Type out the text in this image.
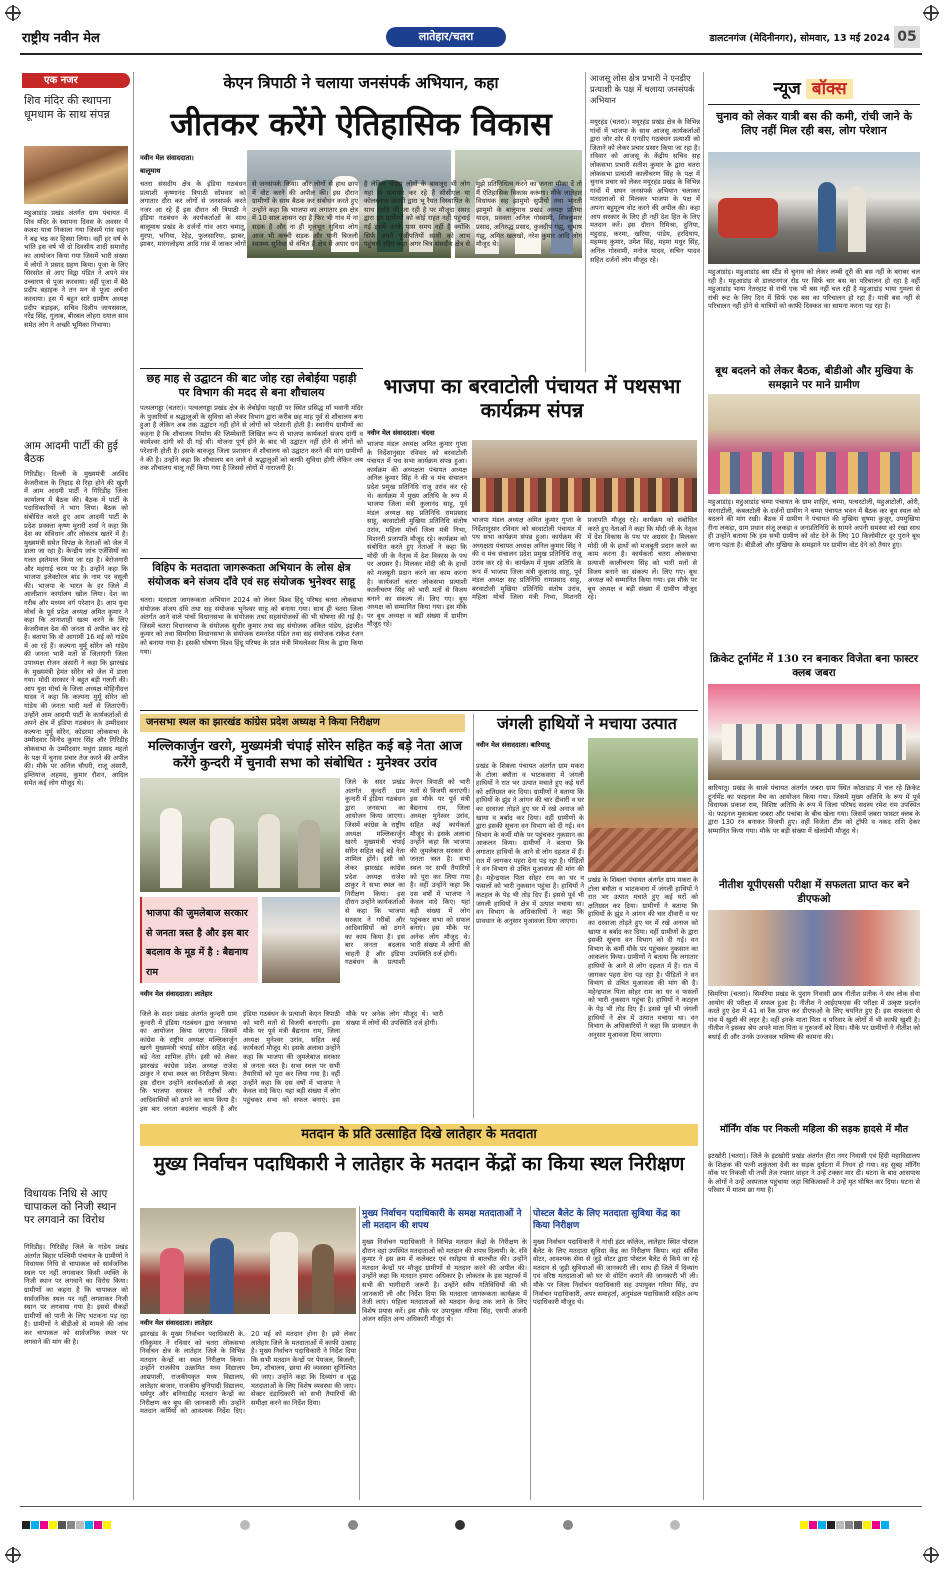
राष्ट्रीय नवीन मेल	लातेहार/चतरा	डालटनगंज (मेदिनीनगर), सोमवार, 13 मई 2024 05
एक नजर
शिव मंदिर की स्थापना धूमधाम के साथ संपन्न
महुआडांड़ प्रखंड अंतर्गत ग्राम पंचायत में शिव मंदिर के स्थापना दिवस के अवसर में कलश यात्रा निकाला गया जिसमें गांव सहन ने बढ़ चढ़ कर हिस्सा लिया। वहीं हर वर्ष के भांति इस वर्ष भी दो दिवसीय शादी समारोह का आयोजन किया गया जिसमें भारी संख्या में लोगों ने प्रसाद ग्रहण किया। पूजा के लिए सिरसोत से आए विद्वा पंडित ने अपने मंत्र उच्चारण से पूजा करवाया। वहीं पूजा में बैठे प्रदीप बड़ाइक ने तन मन से पूजा अर्चना करवाया। इस में बहुत सारे ग्रामीण अध्यक्ष प्रदीप बड़ाइक, सचिव दिलीप जायसवाल, नरेंद्र सिंह, गुलाब, बीरबल लोहरा दयाल साव समेत लोग ने अच्छी भूमिका निभाया।
आम आदमी पार्टी की हुई बैठक
गिरिडीह। दिल्ली के मुख्यमंत्री अरविंद केजरीवाल के तिहाड़ से रिहा होने की खुशी में आम आदमी पार्टी ने गिरिडीह जिला कार्यालय में बैठक की। बैठक में पार्टी के पदाधिकारियों ने भाग लिया। बैठक को संबोधित करते हुए आम आदमी पार्टी के प्रदेश प्रवक्ता कृष्ण मुरारी शर्मा ने कहा कि देश का संविधान और लोकतंत्र खतरे में है। मुख्यमंत्री समेत विपक्ष के नेताओं को जेल में डाला जा रहा है। केन्द्रीय जांच एजेंसियों का गलत इस्तेमाल किया जा रहा है। बेरोजगारी और महंगाई चरम पर है। उन्होंने कहा कि भाजपा इलेक्टोरल बांड के नाम पर वसूली की। भाजपा के भारत के हर जिले में आलीशान कार्यालय खोल लिया। देश का गरीब और मध्यम वर्ग परेशान है। आप युवा मोर्चा के पूर्व प्रदेश अध्यक्ष अमित कुमार ने कहा कि तानाशाही खत्म करने के लिए केजरीवाल देश की जनता से अपील कर रहे हैं। बताया कि वो आगामी 16 मई को गांडेय में आ रहे हैं। कल्पना मुर्मू सोरेन को गांडेय की जनता भारी मतों से जिताएंगी जिला उपाध्यक्ष रोजन अंसारी ने कहा कि झारखंड के मुख्यमंत्री हेमंत सोरेन को जेल में डाला गया। मोदी सरकार ने बहुत बड़ी गलती की। आप युवा मोर्चा के जिला अध्यक्ष मोहिनीदत्त यादव ने कहा कि कल्पना मुर्मू सोरेन को गांडेय की जनता भारी मतों से जिताएंगी। उन्होंने आम आदमी पार्टी के कार्यकर्ताओं से अपने क्षेत्र में इंडिया गठबंधन के उम्मीदवार कल्पना मुर्मू सोरेन, कोडरमा लोकसभा के उम्मीदवार विनोद कुमार सिंह और गिरिडीह लोकसभा के उम्मीदवार मथुरा प्रसाद महतो के पक्ष में चुनाव प्रचार तेज करने की अपील की। मौके पर अनिल चौधरी, राजू अंसारी, इम्तियाज अहमद, कुमार रौशन, आदिल समेत कई लोग मौजूद थे।
विधायक निधि से आए चापाकल को निजी स्थान पर लगवाने का विरोध
गिरिडीह। गिरिडीह जिले के गांडेय प्रखंड अंतर्गत बिहार पश्चिमी पंचायत के ग्रामीणों ने विधायक निधि से चापाकल को सार्वजनिक स्थल पर नहीं लगवाकर किसी व्यक्ति के निजी स्थान पर लगवाने का विरोध किया। ग्रामीणों का कहना है कि चापाकल को सार्वजनिक स्थल पर नहीं लगवाकर निजी स्थान पर लगवाया गया है। इससे सैकड़ों ग्रामीणों को पानी के लिए भटकना पड़ रहा है। ग्रामीणों ने बीडीओ से मामले की जांच कर चापाकल को सार्वजनिक स्थल पर लगवाने की मांग की है।
केएन त्रिपाठी ने चलाया जनसंपर्क अभियान, कहा
जीतकर करेंगे ऐतिहासिक विकास
नवीन मेल संवाददाता।
बालूमाथ
चतरा संसदीय क्षेत्र के इंडिया गठबंधन प्रत्याशी कृष्णानंद त्रिपाठी सोमवार को लगातार दौरा कर लोगों से जनसंपर्क करते नजर आ रहे हैं इस दौरान श्री त्रिपाठी ने इंडिया गठबंधन के कार्यकर्ताओं के साथ बालूमाथ प्रखंड के दर्जनों गांव आरा चमातू, मुरपा, भगिया, रेहेड़, फुलसारिया, झाबर, झाबर, मारंगलोइया आदि गांव में जाकर लोगों से जनसंपर्क किया। और लोगों से हाथ छाप में वोट करने की अपील की। इस दौरान ग्रामीणों के साथ बैठक कर संबोधन करते हुए उन्होंने कहा कि भाजपा का लगातार इस क्षेत्र में 10 साल शासन रहा है फिर भी गांव में ना सड़क है और ना ही मूलभूत सुविधा लोग आज भी कच्ची सड़क और पानी बिजली स्वास्थ्य सुविधा से वंचित हैं क्षेत्र में अपार धन है लेकिन संपदा लोगों के बावजूद भी लोग यहां से पलायन कर रहे हैं सीसीएल या कोलब्लाक कंपनी द्वारा भू रैयत विस्थापित के साथ जाति की जा रही है पर मौजूदा संसद द्वारा इन ग्रामीणों को कोई राहत नहीं पहुंचाई गई इसमें उनके पास समय नहीं है क्योंकि सिर्फ अपने पूंजीपतियों साथी को लाभ पहुंचाने रहिए कहा अगर चित्र संसदीय क्षेत्र से मुझे प्रतिनिधित्व करने का जनता मौका दें तो मैं ऐतिहासिक विकास करूंगा। मौके लातेहार विधायक सह झामुमो सुप्रीयो तथा भारती झामुमो के बालूमाथ प्रखंड अध्यक्ष प्रतिमा यादव, प्रवक्ता अनिल गोस्वामी, शिवकुमार प्रसाद, अनिरुद्ध प्रसाद, कुलदीप गंझू, सुभाष गंझू, अमित खलखो, नरेश कुमार आदि लोग मौजूद थे।
आजसू लोस क्षेत्र प्रभारी ने एनडीए प्रत्याशी के पक्ष में चलाया जनसंपर्क अभियान
मयूरहंड (चतरा)। मयूरहंड प्रखंड क्षेत्र के विभिन्न गांवों में भाजपा के साथ आजसू कार्यकर्ताओं द्वारा जोर शोर से एनडीए गठबंधन प्रत्याशी को जिताने को लेकर प्रचार प्रसार किया जा रहा है। रविवार को आजसू के केंद्रीय सचिव सह लोकसभा प्रभारी सतीश कुमार के द्वारा चतरा लोकसभा प्रत्याशी कालीचरण सिंह के पक्ष में चुनाव प्रचार को लेकर मयूरहंड प्रखंड के विभिन्न गांवों में सघन जनसंपर्क अभियान चलाकर मतदाताओं से मिलकर भाजपा के पक्ष में अपना बहुमूल्य वोट करने की अपील की। कहा आप सरकार के लिए ही नहीं देश हित के लिए मतदान करें। इस दौरान रिमिश्रा, दुनिया, महुदाड़, करमा, खरिया, पांडेय, हरदियाप, महम्मद कुमार, उमेश सिंह, महमा मधुर सिंह, अनिल गोस्वामी, मनोज यादव, सचिन यादव सहित दर्जनों लोग मौजूद रहे।
छह माह से उद्घाटन की बाट जोह रहा लेबोईया पहाड़ी पर विभाग की मदद से बना शौचालय
पत्थलगड्डा (चतरा)। पत्थलगड्डा प्रखंड क्षेत्र के लेबोईया पहाड़ी पर स्थित प्रसिद्ध माँ भवानी मंदिर के पुजारियों व श्रद्धालुओं के सुविधा को लेकर विभाग द्वारा करीब छह माह पूर्व से शौचालय बना हुआ है लेकिन अब तक उद्घाटन नहीं होने से लोगों को परेशानी होती है। स्थानीय ग्रामीणों का कहना है कि शौचालय निर्माण की जिम्मेवारी लिखित रूप से भाजपा कार्यकर्ता संजय दांगी व कामेश्वर दांगी को दी गई थी। योजना पूर्ण होने के बाद भी उद्घाटन नहीं होने से लोगों को परेशानी होती है। इसके बावजूद जिला प्रशासन से शौचालय को उद्घाटन करने की मांग ग्रामीणों ने की है। उन्होंने कहा कि शौचालय बन जाने से श्रद्धालुओं को काफी सुविधा होगी लेकिन अब तक शौचालय चालू नहीं किया गया है जिससे लोगों में नाराजगी है।
विहिप के मतदाता जागरूकता अभियान के लोस क्षेत्र संयोजक बने संजय दाँवे एवं सह संयोजक भुनेश्वर साहू
चतरा। मतदाता जागरूकता अभियान 2024 को लेकर विश्व हिंदू परिषद चतरा लोकसभा संयोजक संजय दाँवे तथा सह संयोजक भुनेश्वर साहू को बनाया गया। साथ ही चतरा जिला अंतर्गत आने वाले पांचों विधानसभा के संयोजक तथा सहसंयोजकों की भी घोषणा की गई है। जिसमें चतरा विधानसभा के संयोजक सुधीर कुमार तथा सह संयोजक अंकित पांडेय, इंद्रजीत कुमार को तथा सिमरिया विधानसभा के संयोजक रामनरेश पंडित तथा सह संयोजक राकेश रंजन को बनाया गया है। इसकी घोषणा विश्व हिंदू परिषद के प्रांत मंत्री मिथलेश्वर मिश्र के द्वारा किया गया।
भाजपा का बरवाटोली पंचायत में पथसभा कार्यक्रम संपन्न
नवीन मेल संवाददाता। चंदवा
भाजपा मंडल अध्यक्ष अमित कुमार गुप्ता के निर्देशानुसार रविवार को बरवाटोली पंचायत में पथ सभा कार्यक्रम संपन्न हुआ। कार्यक्रम की अध्यक्षता पंचायत अध्यक्ष अनिल कुमार सिंह ने की व मंच संचालन प्रदेश प्रमुख प्रतिनिधि राजू उरांव कर रहे थे। कार्यक्रम में मुख्य अतिथि के रूप में भाजपा जिला मंत्री कुलानंद साहू, पूर्व मंडल अध्यक्ष सह प्रतिनिधि रामप्रसाद साहू, बरवाटोली मुखिया प्रतिनिधि संतोष उरांव, महिला मोर्चा जिला मंत्री निभा, मिशनरी प्रजापति मौजूद रहे। कार्यक्रम को संबोधित करते हुए नेताओं ने कहा कि मोदी जी के नेतृत्व में देश विकास के पथ पर अग्रसर है। मिलकर मोदी जी के हाथों को मजबूती प्रदान करने का काम करना है। कार्यकर्ता चतरा लोकसभा प्रत्याशी कालीचरण सिंह को भारी मतों से विजय बनाने का संकल्प लें। लिए गए। बूथ अध्यक्ष को सम्मानित किया गया। इस मौके पर बूथ अध्यक्ष व बड़ी संख्या में ग्रामीण मौजूद रहे।
भाजपा मंडल अध्यक्ष अमित कुमार गुप्ता के निर्देशानुसार रविवार को बरवाटोली पंचायत में पथ सभा कार्यक्रम संपन्न हुआ। कार्यक्रम की अध्यक्षता पंचायत अध्यक्ष अनिल कुमार सिंह ने की व मंच संचालन प्रदेश प्रमुख प्रतिनिधि राजू उरांव कर रहे थे। कार्यक्रम में मुख्य अतिथि के रूप में भाजपा जिला मंत्री कुलानंद साहू, पूर्व मंडल अध्यक्ष सह प्रतिनिधि रामप्रसाद साहू, बरवाटोली मुखिया प्रतिनिधि संतोष उरांव, महिला मोर्चा जिला मंत्री निभा, मिशनरी प्रजापति मौजूद रहे। कार्यक्रम को संबोधित करते हुए नेताओं ने कहा कि मोदी जी के नेतृत्व में देश विकास के पथ पर अग्रसर है। मिलकर मोदी जी के हाथों को मजबूती प्रदान करने का काम करना है। कार्यकर्ता चतरा लोकसभा प्रत्याशी कालीचरण सिंह को भारी मतों से विजय बनाने का संकल्प लें। लिए गए। बूथ अध्यक्ष को सम्मानित किया गया। इस मौके पर बूथ अध्यक्ष व बड़ी संख्या में ग्रामीण मौजूद रहे।
जनसभा स्थल का झारखंड कांग्रेस प्रदेश अध्यक्ष ने किया निरीक्षण
मल्लिकार्जुन खरगे, मुख्यमंत्री चंपाई सोरेन सहित कई बड़े नेता आज करेंगे कुन्दरी में चुनावी सभा को संबोधित : मुनेश्वर उरांव
भाजपा की जुमलेबाज सरकार से जनता त्रस्त है और इस बार बदलाव के मूड में है : बैद्यनाथ राम
नवीन मेल संवाददाता। लातेहार
जिले के सदर प्रखंड अंतर्गत कुन्दरी ग्राम कुन्दरी में इंडिया गठबंधन द्वारा जनसभा का आयोजन किया जाएगा। जिसमें कांग्रेस के राष्ट्रीय अध्यक्ष मल्लिकार्जुन खरगे मुख्यमंत्री चंपाई सोरेन सहित कई बड़े नेता शामिल होंगे। इसी को लेकर झारखंड कांग्रेस प्रदेश अध्यक्ष राजेश ठाकुर ने सभा स्थल का निरीक्षण किया। इस दौरान उन्होंने कार्यकर्ताओं से कहा कि भाजपा सरकार ने गरीबों और आदिवासियों को ठगने का काम किया है। इस बार जनता बदलाव चाहती है और इंडिया गठबंधन के प्रत्याशी केएन त्रिपाठी को भारी मतों से विजयी बनाएगी। इस मौके पर पूर्व मंत्री बैद्यनाथ राम, जिला अध्यक्ष मुनेश्वर उरांव, सहित कई कार्यकर्ता मौजूद थे। इसके अलावा उन्होंने कहा कि भाजपा की जुमलेबाज सरकार से जनता त्रस्त है। सभा स्थल पर सभी तैयारियों को पूरा कर लिया गया है। वहीं उन्होंने कहा कि दस वर्षों में भाजपा ने केवल वादे किए। यहां बड़ी संख्या में लोग पहुंचकर सभा को सफल बनाएं। इस मौके पर अनेक लोग मौजूद थे। भारी संख्या में लोगों की उपस्थिति दर्ज होगी।
जिले के सदर प्रखंड अंतर्गत कुन्दरी ग्राम कुन्दरी में इंडिया गठबंधन द्वारा जनसभा का आयोजन किया जाएगा। जिसमें कांग्रेस के राष्ट्रीय अध्यक्ष मल्लिकार्जुन खरगे मुख्यमंत्री चंपाई सोरेन सहित कई बड़े नेता शामिल होंगे। इसी को लेकर झारखंड कांग्रेस प्रदेश अध्यक्ष राजेश ठाकुर ने सभा स्थल का निरीक्षण किया। इस दौरान उन्होंने कार्यकर्ताओं से कहा कि भाजपा सरकार ने गरीबों और आदिवासियों को ठगने का काम किया है। इस बार जनता बदलाव चाहती है और इंडिया गठबंधन के प्रत्याशी केएन त्रिपाठी को भारी मतों से विजयी बनाएगी। इस मौके पर पूर्व मंत्री बैद्यनाथ राम, जिला अध्यक्ष मुनेश्वर उरांव, सहित कई कार्यकर्ता मौजूद थे। इसके अलावा उन्होंने कहा कि भाजपा की जुमलेबाज सरकार से जनता त्रस्त है। सभा स्थल पर सभी तैयारियों को पूरा कर लिया गया है। वहीं उन्होंने कहा कि दस वर्षों में भाजपा ने केवल वादे किए। यहां बड़ी संख्या में लोग पहुंचकर सभा को सफल बनाएं। इस मौके पर अनेक लोग मौजूद थे। भारी संख्या में लोगों की उपस्थिति दर्ज होगी।
जंगली हाथियों ने मचाया उत्पात
नवीन मेल संवाददाता। बारियातू
प्रखंड के शिबला पंचायत अंतर्गत ग्राम मकरा के टोला बघौता व भाटकवारा में जंगली हाथियों ने रात भर उत्पात मचाते हुए कई घरों को क्षतिग्रस्त कर दिया। ग्रामीणों ने बताया कि हाथियों के झुंड ने आंगन की चार दीवारी व घर का दरवाजा तोड़ते हुए घर में रखे अनाज को खाया व बर्बाद कर दिया। वहीं ग्रामीणों के द्वारा इसकी सूचना वन विभाग को दी गई। वन विभाग के कर्मी मौके पर पहुंचकर नुकसान का आकलन किया। ग्रामीणों ने बताया कि लगातार हाथियों के आने से लोग दहशत में हैं। रात में जागकर पहरा देना पड़ रहा है। पीड़ितों ने वन विभाग से उचित मुआवजा की मांग की है। महेन्द्रपाल पिता सोहर राम का घर व फसलों को भारी नुकसान पहुंचा है। हाथियों ने कटहल के पेड़ भी तोड़ दिए हैं। इससे पूर्व भी जंगली हाथियों ने क्षेत्र में उत्पात मचाया था। वन विभाग के अधिकारियों ने कहा कि प्रावधान के अनुसार मुआवजा दिया जाएगा।
प्रखंड के शिबला पंचायत अंतर्गत ग्राम मकरा के टोला बघौता व भाटकवारा में जंगली हाथियों ने रात भर उत्पात मचाते हुए कई घरों को क्षतिग्रस्त कर दिया। ग्रामीणों ने बताया कि हाथियों के झुंड ने आंगन की चार दीवारी व घर का दरवाजा तोड़ते हुए घर में रखे अनाज को खाया व बर्बाद कर दिया। वहीं ग्रामीणों के द्वारा इसकी सूचना वन विभाग को दी गई। वन विभाग के कर्मी मौके पर पहुंचकर नुकसान का आकलन किया। ग्रामीणों ने बताया कि लगातार हाथियों के आने से लोग दहशत में हैं। रात में जागकर पहरा देना पड़ रहा है। पीड़ितों ने वन विभाग से उचित मुआवजा की मांग की है। महेन्द्रपाल पिता सोहर राम का घर व फसलों को भारी नुकसान पहुंचा है। हाथियों ने कटहल के पेड़ भी तोड़ दिए हैं। इससे पूर्व भी जंगली हाथियों ने क्षेत्र में उत्पात मचाया था। वन विभाग के अधिकारियों ने कहा कि प्रावधान के अनुसार मुआवजा दिया जाएगा।
न्यूज बॉक्स
चुनाव को लेकर यात्री बस की कमी, रांची जाने के लिए नहीं मिल रही बस, लोग परेशान
महुआडांड़। महुआडांड़ बस स्टैंड से चुनाव को लेकर लम्बी दूरी की बस नहीं के बराबर चल रही है। महुआडांड़ से डालटनगंज रोड पर सिर्फ चार बस का परिचालन हो रहा है वहीं महुआडांड़ भाया नेतरहाट से रांची एक भी बस नहीं चल रही है महुआडांड़ भाया गुमला से रांची रूट के लिए दिन में सिर्फ एक बस का परिचालन हो रहा है। यात्री बस नहीं से परिचालन नहीं होने से यात्रियों को काफी दिक्कत का सामना करना पड़ रहा है।
बूथ बदलने को लेकर बैठक, बीडीओ और मुखिया के समझाने पर माने ग्रामीण
महुआडांड़। महुआडांड़ चम्पा पंचायत के ग्राम शाहिर, चम्पा, पत्थरटोली, महुआटोली, ओरी, सरनाटोली, कंबलटोली के दर्जनों ग्रामीण ने चम्पा पंचायत भवन में बैठक कर बूथ स्थल को बदलने की मांग रखी। बैठक में ग्रामीण ने पंचायत की मुखिया सुषमा कुजूर, उपमुखिया रीना लकड़ा, ग्राम प्रधान संजू लकड़ा व जनप्रतिनिधि के सामने अपनी समस्या को रखा साथ ही उन्होंने बताया कि हम सभी ग्रामीण को वोट देने के लिए 10 किलोमीटर दूर पुराने बूथ जाना पड़ता है। बीडीओ और मुखिया के समझाने पर ग्रामीण वोट देने को तैयार हुए।
क्रिकेट टूर्नामेंट में 130 रन बनाकर विजेता बना फास्टर क्लब जबरा
बारियातू। प्रखंड के सात्वे पंचायत अंतर्गत जबरा ग्राम स्थित कोठाडाड़ में चल रहे क्रिकेट टूर्नामेंट का फाइनल मैच का आयोजन किया गया। जिसमें मुख्य अतिथि के रूप में पूर्व विधायक प्रकाश राम, विशिष्ट अतिथि के रूप में जिला परिषद सदस्य रमेश राम उपस्थित थे। फाइनल मुकाबला जबरा और पचांबा के बीच खेला गया। जिसमें जबरा फास्टर क्लब के द्वारा 130 रन बनाकर विजयी हुए। वहीं विजेता टीम को ट्रॉफी व नकद राशि देकर सम्मानित किया गया। मौके पर बड़ी संख्या में खेलप्रेमी मौजूद थे।
नीतीश यूपीएससी परीक्षा में सफलता प्राप्त कर बने डीएफओ
सिमरिया (चतरा)। सिमरिया प्रखंड के पुंदाग निवासी छात्र नीतीश प्रतीक ने संघ लोक सेवा आयोग की परीक्षा में सफल हुआ है। नीतीश ने आईएफएस की परीक्षा में उत्कृष्ट प्रदर्शन करते हुए देश में 41 वां रैंक प्राप्त कर डीएफओ के लिए चयनित हुए हैं। इस सफलता से गांव में खुशी की लहर है। वहीं इनके माता पिता व परिवार के लोगों में भी काफी खुशी है। नीतीश ने इसका श्रेय अपने माता पिता व गुरुजनों को दिया। मौके पर ग्रामीणों ने नीतीश को बधाई दी और उनके उज्जवल भविष्य की कामना की।
मतदान के प्रति उत्साहित दिखे लातेहार के मतदाता
मुख्य निर्वाचन पदाधिकारी ने लातेहार के मतदान केंद्रों का किया स्थल निरीक्षण
नवीन मेल संवाददाता। लातेहार
झारखंड के मुख्य निर्वाचन पदाधिकारी के. रविकुमार ने रविवार को चतरा लोकसभा निर्वाचन क्षेत्र के लातेहार जिले के विभिन्न मतदान केन्द्रों का स्थल निरीक्षण किया। उन्होंने राजकीय उत्क्रमित मध्य विद्यालय आम्रपाली, राजकीयकृत मध्य विद्यालय, लातेहार बाजार, राजकीय बुनियादी विद्यालय, धर्मपुर और बनियाडीह मतदान केन्द्रों का निरीक्षण कर बूथ की जानकारी ली। उन्होंने मतदान कर्मियों को आवश्यक निर्देश दिए। 20 मई को मतदान होना है। इसे लेकर लातेहार जिले के मतदाताओं में काफी उत्साह है। मुख्य निर्वाचन पदाधिकारी ने निर्देश दिया कि सभी मतदान केन्द्रों पर पेयजल, बिजली, रैम्प, शौचालय, छाया की व्यवस्था सुनिश्चित की जाए। उन्होंने कहा कि दिव्यांग व वृद्ध मतदाताओं के लिए विशेष व्यवस्था की जाए। सेक्टर दंडाधिकारी को सभी तैयारियों की समीक्षा करने का निर्देश दिया।
मुख्य निर्वाचन पदाधिकारी के समक्ष मतदाताओं ने ली मतदान की शपथ
मुख्य निर्वाचन पदाधिकारी ने विभिन्न मतदान केंद्रों के निरीक्षण के दौरान वहां उपस्थित मतदाताओं को मतदान की शपथ दिलायी। के. रवि कुमार ने इस क्रम में कलेक्टर एवं रसोइया से बातचीत की। उन्होंने मतदान केन्द्रों पर मौजूद ग्रामीणों से मतदान करने की अपील की। उन्होंने कहा कि मतदान हमारा अधिकार है। लोकतंत्र के इस महापर्व में सभी की भागीदारी जरूरी है। उन्होंने स्वीप गतिविधियों की भी जानकारी ली और निर्देश दिया कि मतदाता जागरूकता कार्यक्रम में तेजी लाएं। महिला मतदाताओं को मतदान केन्द्र तक लाने के लिए विशेष प्रयास करें। इस मौके पर उपायुक्त गरिमा सिंह, एसपी अंजनी अंजन सहित अन्य अधिकारी मौजूद थे।
पोस्टल बैलेट के लिए मतदाता सुविधा केंद्र का किया निरीक्षण
मुख्य निर्वाचन पदाधिकारी ने गांधी इंटर कॉलेज, लातेहार स्थित पोस्टल बैलेट के लिए मतदाता सुविधा केंद्र का निरीक्षण किया। वहां सर्विस वोटर, आवश्यक सेवा से जुड़े वोटर द्वारा पोस्टल बैलेट से किये जा रहे मतदान से जुड़ी सुविधाओं की जानकारी ली। साथ ही जिले में दिव्यांग एवं वरिष्ठ मतदाताओं को घर से वोटिंग कराने की जानकारी भी ली। मौके पर जिला निर्वाचन पदाधिकारी सह उपायुक्त गरिमा सिंह, उप निर्वाचन पदाधिकारी, अपर समाहर्ता, अनुमंडल पदाधिकारी सहित अन्य पदाधिकारी मौजूद थे।
मॉर्निंग वॉक पर निकली महिला की सड़क हादसे में मौत
इटखोरी (चतरा)। जिले के इटखोरी प्रखंड अंतर्गत हीरा नगर निवासी एवं हिंदी महाविद्यालय के शिक्षक की पत्नी शकुंतला देवी का सड़क दुर्घटना में निधन हो गया। वह सुबह मॉर्निंग वॉक पर निकली थी तभी तेज रफ्तार वाहन ने उन्हें टक्कर मार दी। घटना के बाद आसपास के लोगों ने उन्हें अस्पताल पहुंचाया जहां चिकित्सकों ने उन्हें मृत घोषित कर दिया। घटना से परिवार में मातम छा गया है।
